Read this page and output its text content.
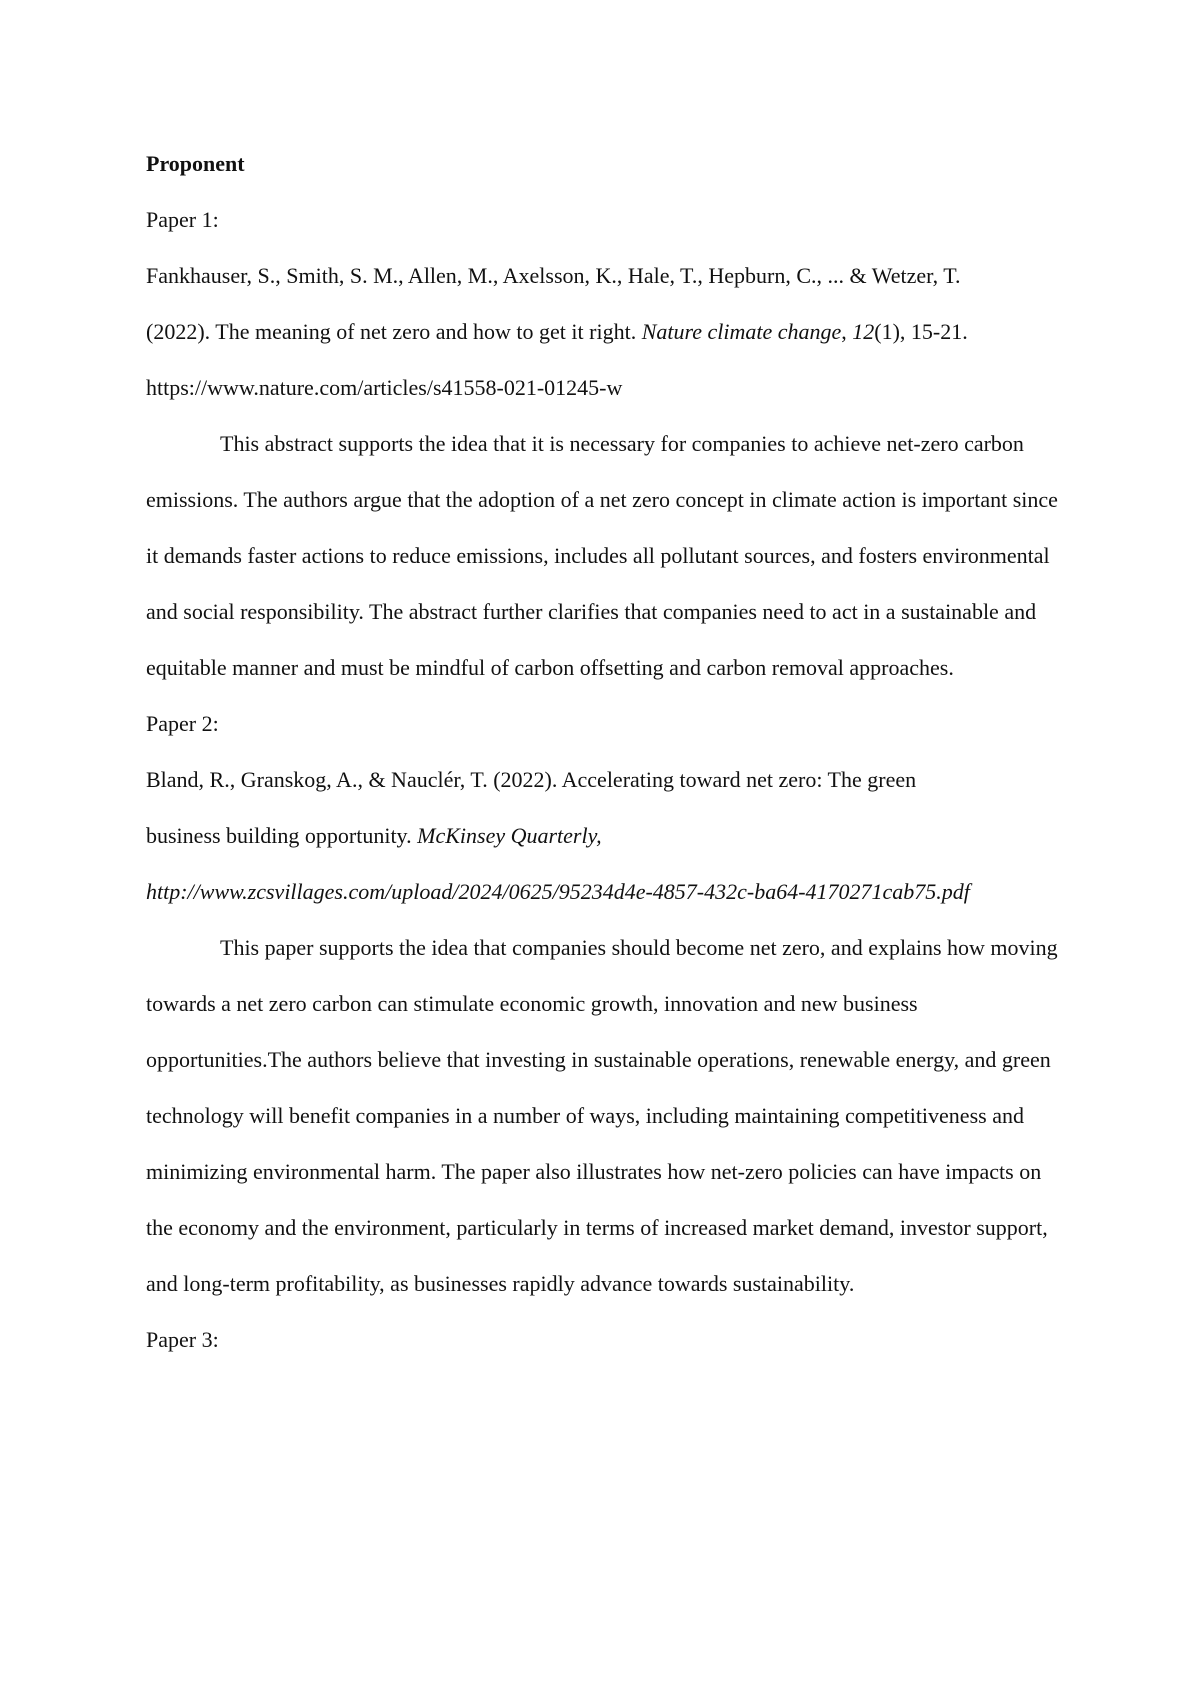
Proponent

Paper 1:

Fankhauser, S., Smith, S. M., Allen, M., Axelsson, K., Hale, T., Hepburn, C., ... & Wetzer, T.

(2022). The meaning of net zero and how to get it right. Nature climate change, 12(1), 15-21.

https://www.nature.com/articles/s41558-021-01245-w

This abstract supports the idea that it is necessary for companies to achieve net-zero carbon emissions. The authors argue that the adoption of a net zero concept in climate action is important since it demands faster actions to reduce emissions, includes all pollutant sources, and fosters environmental and social responsibility. The abstract further clarifies that companies need to act in a sustainable and equitable manner and must be mindful of carbon offsetting and carbon removal approaches.

Paper 2:

Bland, R., Granskog, A., & Nauclér, T. (2022). Accelerating toward net zero: The green

business building opportunity. McKinsey Quarterly,

http://www.zcsvillages.com/upload/2024/0625/95234d4e-4857-432c-ba64-4170271cab75.pdf

This paper supports the idea that companies should become net zero, and explains how moving towards a net zero carbon can stimulate economic growth, innovation and new business opportunities.The authors believe that investing in sustainable operations, renewable energy, and green technology will benefit companies in a number of ways, including maintaining competitiveness and minimizing environmental harm. The paper also illustrates how net-zero policies can have impacts on the economy and the environment, particularly in terms of increased market demand, investor support, and long-term profitability, as businesses rapidly advance towards sustainability.

Paper 3:
